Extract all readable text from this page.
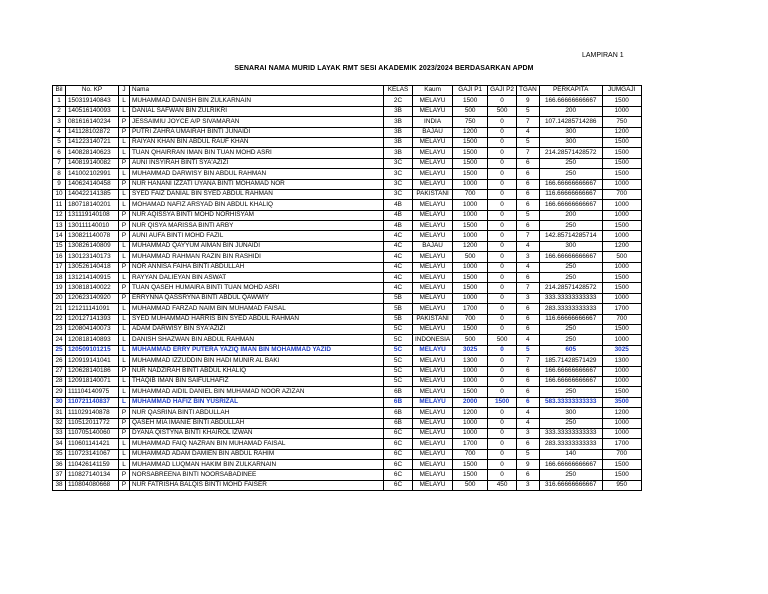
LAMPIRAN 1
SENARAI NAMA MURID LAYAK RMT SESI AKADEMIK 2023/2024 BERDASARKAN APDM
Bil	No. KP	J	Nama	KELAS	Kaum	GAJI P1	GAJI P2	TGAN	PERKAPITA	JUMGAJI
1	150319140843	L	MUHAMMAD DANISH BIN ZULKARNAIN	2C	MELAYU	1500	0	9	166.66666666667	1500
2	140516140093	L	DANIAL SAFWAN BIN ZULRIKRI	3B	MELAYU	500	500	5	200	1000
3	081616140234	P	JESSAIMIU JOYCE A/P SIVAMARAN	3B	INDIA	750	0	7	107.14285714286	750
4	141128102872	P	PUTRI ZAHRA UMAIRAH BINTI JUNAIDI	3B	BAJAU	1200	0	4	300	1200
5	141223140721	L	RAIYAN KHAN BIN ABDUL RAUF KHAN	3B	MELAYU	1500	0	5	300	1500
6	140828140623	L	TUAN QHAIRRAN IMAN BIN TUAN MOHD ASRI	3B	MELAYU	1500	0	7	214.28571428572	1500
7	140819140082	P	AUNI INSYIRAH BINTI SYA'AZIZI	3C	MELAYU	1500	0	6	250	1500
8	141002102991	L	MUHAMMAD DARWISY BIN ABDUL RAHMAN	3C	MELAYU	1500	0	6	250	1500
9	140624140458	P	NUR HANANI IZZATI UYANA BINTI MOHAMAD NOR	3C	MELAYU	1000	0	6	166.66666666667	1000
10	140422141385	L	SYED FAIZ DANIAL BIN SYED ABDUL RAHMAN	3C	PAKISTANI	700	0	6	116.66666666667	700
11	180718140201	L	MOHAMAD NAFIZ ARSYAD BIN ABDUL KHALIQ	4B	MELAYU	1000	0	6	166.66666666667	1000
12	131119140108	P	NUR AQISSYA BINTI MOHD NORHISYAM	4B	MELAYU	1000	0	5	200	1000
13	130111140010	P	NUR QISYA MARISSA BINTI ARBY	4B	MELAYU	1500	0	6	250	1500
14	130821140078	P	AUNI AUFA BINTI MOHD FAZIL	4C	MELAYU	1000	0	7	142.85714285714	1000
15	130826140809	L	MUHAMMAD QAYYUM AIMAN BIN JUNAIDI	4C	BAJAU	1200	0	4	300	1200
16	130123140173	L	MUHAMMAD RAHMAN RAZIN BIN RASHIDI	4C	MELAYU	500	0	3	166.66666666667	500
17	130526140418	P	NOR ANNISA FAIHA BINTI ABDULLAH	4C	MELAYU	1000	0	4	250	1000
18	131214140915	L	RAYYAN DALIEYAN BIN ASWAT	4C	MELAYU	1500	0	6	250	1500
19	130818140022	P	TUAN QASEH HUMAIRA BINTI TUAN MOHD ASRI	4C	MELAYU	1500	0	7	214.28571428572	1500
20	120623140920	P	ERRYNNA QASSRYNA BINTI ABDUL QAWWIY	5B	MELAYU	1000	0	3	333.33333333333	1000
21	121211141091	L	MUHAMMAD FARZAD NAIM BIN MUHAMAD FAISAL	5B	MELAYU	1700	0	6	283.33333333333	1700
22	120127141393	L	SYED MUHAMMAD HARRIS BIN SYED ABDUL RAHMAN	5B	PAKISTANI	700	0	6	116.66666666667	700
23	120804140073	L	ADAM DARWISY BIN SYA'AZIZI	5C	MELAYU	1500	0	6	250	1500
24	120818140893	L	DANISH SHAZWAN BIN ABDUL RAHMAN	5C	INDONESIA	500	500	4	250	1000
25	120509101215	L	MUHAMMAD ERRY PUTERA YAZIQ IMAN BIN MOHAMMAD YAZID	5C	MELAYU	3025	0	5	605	3025
26	120919141041	L	MUHAMMAD IZZUDDIN BIN HADI MUNIR AL BAKI	5C	MELAYU	1300	0	7	185.71428571429	1300
27	120628140186	P	NUR NADZIRAH BINTI ABDUL KHALIQ	5C	MELAYU	1000	0	6	166.66666666667	1000
28	120918140071	L	THAQIB IMAN BIN SAIFULHAFIZ	5C	MELAYU	1000	0	6	166.66666666667	1000
29	111104140975	L	MUHAMMAD AIDIL DANIEL BIN MUHAMAD NOOR AZIZAN	6B	MELAYU	1500	0	6	250	1500
30	110721140837	L	MUHAMMAD HAFIZ BIN YUSRIZAL	6B	MELAYU	2000	1500	6	583.33333333333	3500
31	111029140878	P	NUR QASRINA BINTI ABDULLAH	6B	MELAYU	1200	0	4	300	1200
32	110512011772	P	QASEH MIA IMANIE BINTI ABDULLAH	6B	MELAYU	1000	0	4	250	1000
33	110705140060	P	DYANA QISTYNA BINTI KHAIROL IZWAN	6C	MELAYU	1000	0	3	333.33333333333	1000
34	110601141421	L	MUHAMMAD FAIQ NAZRAN BIN MUHAMAD FAISAL	6C	MELAYU	1700	0	6	283.33333333333	1700
35	110723141067	L	MUHAMMAD ADAM DAMIEN BIN ABDUL RAHIM	6C	MELAYU	700	0	5	140	700
36	110426141159	L	MUHAMMAD LUQMAN HAKIM BIN ZULKARNAIN	6C	MELAYU	1500	0	9	166.66666666667	1500
37	110827140134	P	NORSABREENA BINTI NOORSABADINEE	6C	MELAYU	1500	0	6	250	1500
38	110804080668	P	NUR FATRISHA BALQIS BINTI MOHD FAISER	6C	MELAYU	500	450	3	316.66666666667	950
